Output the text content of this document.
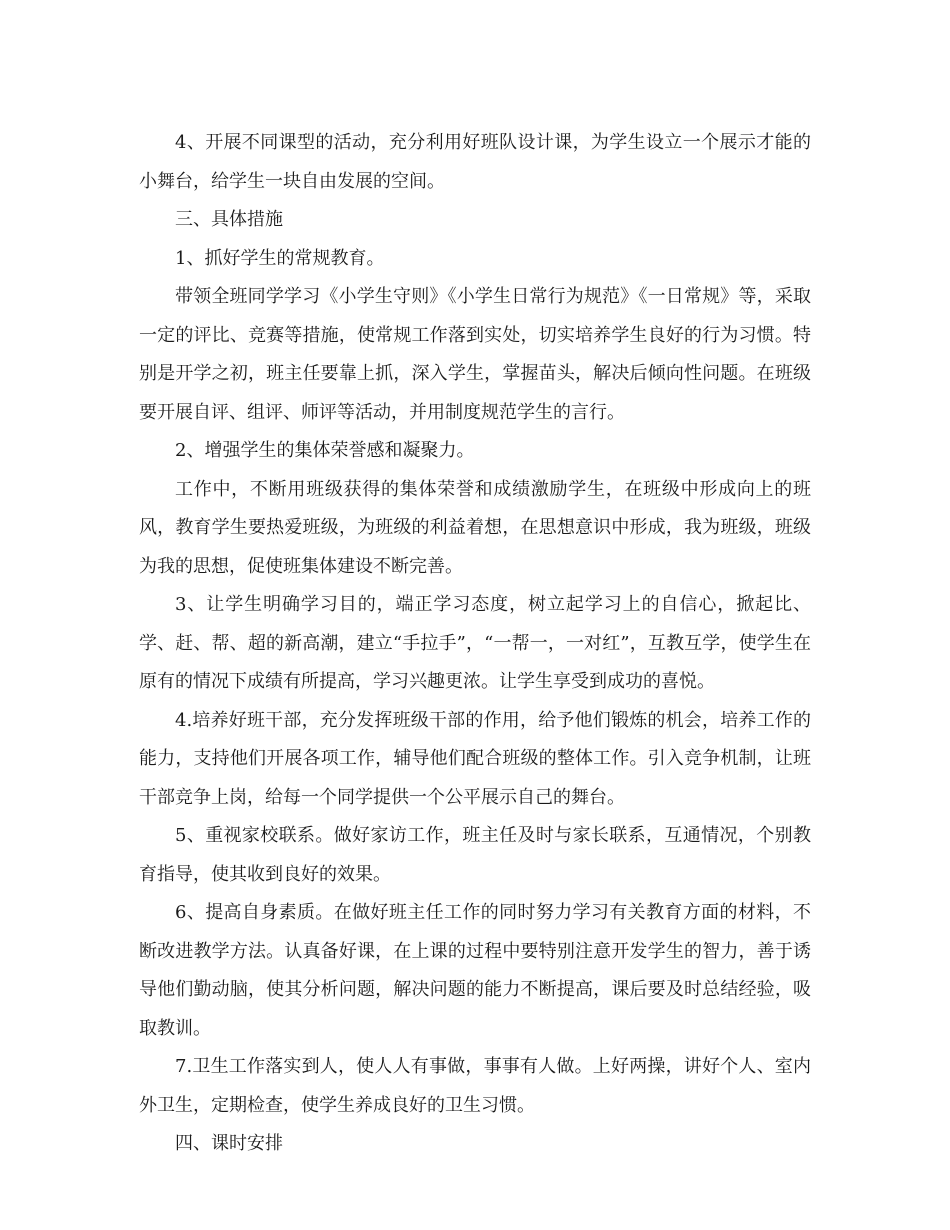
4、开展不同课型的活动，充分利用好班队设计课，为学生设立一个展示才能的小舞台，给学生一块自由发展的空间。

三、具体措施

1、抓好学生的常规教育。

带领全班同学学习《小学生守则》《小学生日常行为规范》《一日常规》等，采取一定的评比、竞赛等措施，使常规工作落到实处，切实培养学生良好的行为习惯。特别是开学之初，班主任要靠上抓，深入学生，掌握苗头，解决后倾向性问题。在班级要开展自评、组评、师评等活动，并用制度规范学生的言行。

2、增强学生的集体荣誉感和凝聚力。

工作中，不断用班级获得的集体荣誉和成绩激励学生，在班级中形成向上的班风，教育学生要热爱班级，为班级的利益着想，在思想意识中形成，我为班级，班级为我的思想，促使班集体建设不断完善。

3、让学生明确学习目的，端正学习态度，树立起学习上的自信心，掀起比、学、赶、帮、超的新高潮，建立“手拉手”，“一帮一，一对红”，互教互学，使学生在原有的情况下成绩有所提高，学习兴趣更浓。让学生享受到成功的喜悦。

4.培养好班干部，充分发挥班级干部的作用，给予他们锻炼的机会，培养工作的能力，支持他们开展各项工作，辅导他们配合班级的整体工作。引入竞争机制，让班干部竞争上岗，给每一个同学提供一个公平展示自己的舞台。

5、重视家校联系。做好家访工作，班主任及时与家长联系，互通情况，个别教育指导，使其收到良好的效果。

6、提高自身素质。在做好班主任工作的同时努力学习有关教育方面的材料，不断改进教学方法。认真备好课，在上课的过程中要特别注意开发学生的智力，善于诱导他们勤动脑，使其分析问题，解决问题的能力不断提高，课后要及时总结经验，吸取教训。

7.卫生工作落实到人，使人人有事做，事事有人做。上好两操，讲好个人、室内外卫生，定期检查，使学生养成良好的卫生习惯。

四、课时安排
